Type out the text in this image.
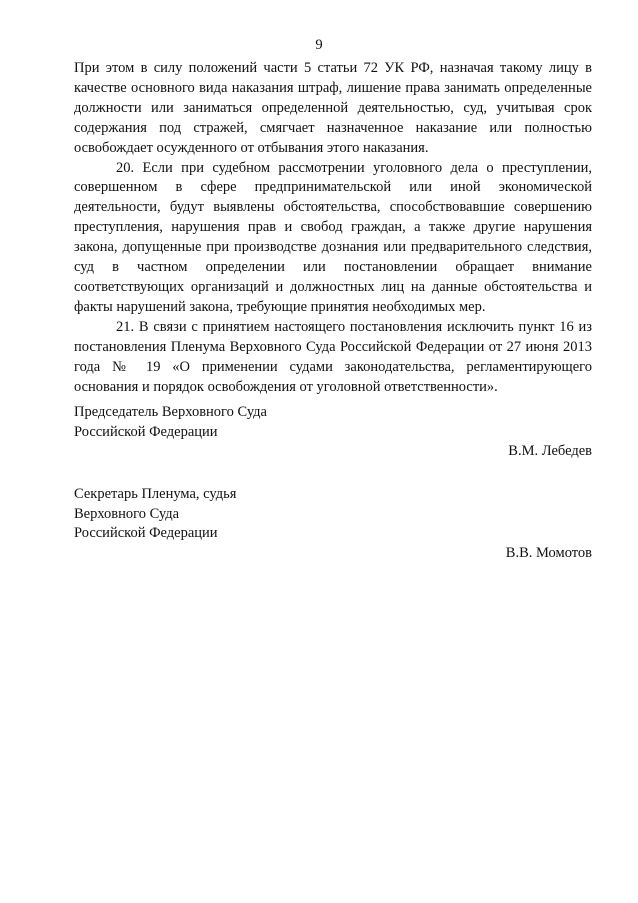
9

При этом в силу положений части 5 статьи 72 УК РФ, назначая такому лицу в качестве основного вида наказания штраф, лишение права занимать определенные должности или заниматься определенной деятельностью, суд, учитывая срок содержания под стражей, смягчает назначенное наказание или полностью освобождает осужденного от отбывания этого наказания.

20. Если при судебном рассмотрении уголовного дела о преступлении, совершенном в сфере предпринимательской или иной экономической деятельности, будут выявлены обстоятельства, способствовавшие совершению преступления, нарушения прав и свобод граждан, а также другие нарушения закона, допущенные при производстве дознания или предварительного следствия, суд в частном определении или постановлении обращает внимание соответствующих организаций и должностных лиц на данные обстоятельства и факты нарушений закона, требующие принятия необходимых мер.

21. В связи с принятием настоящего постановления исключить пункт 16 из постановления Пленума Верховного Суда Российской Федерации от 27 июня 2013 года № 19 «О применении судами законодательства, регламентирующего основания и порядок освобождения от уголовной ответственности».

Председатель Верховного Суда
Российской Федерации
В.М. Лебедев
Секретарь Пленума, судья
Верховного Суда
Российской Федерации
В.В. Момотов
